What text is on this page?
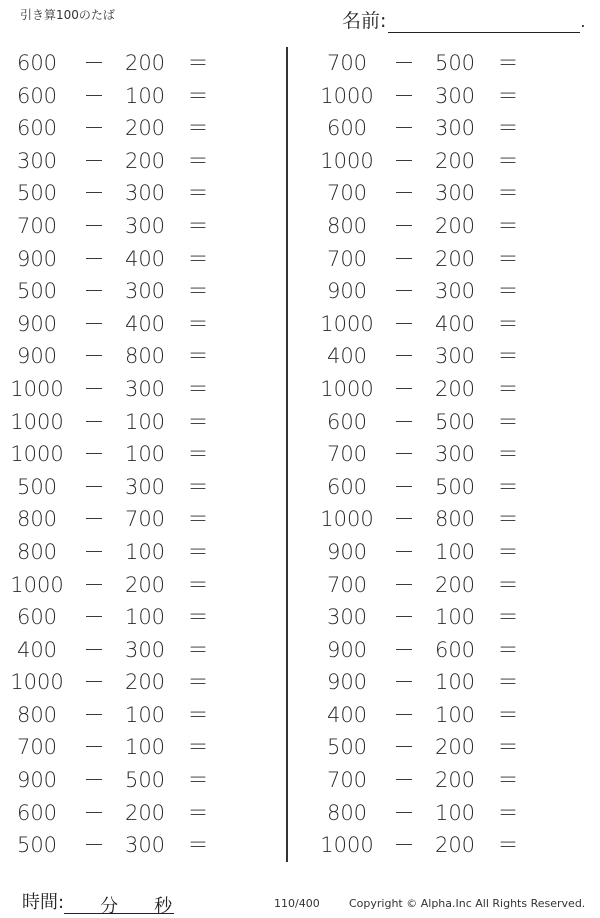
引き算100のたば	名前:	.
600	－ 200 ＝
600	－ 100 ＝
600	－ 200 ＝
300	－ 200 ＝
500	－ 300 ＝
700	－ 300 ＝
900	－ 400 ＝
500	－ 300 ＝
900	－ 400 ＝
900	－ 800 ＝
1000 － 300 ＝
1000 － 100 ＝
1000 － 100 ＝
500	－ 300 ＝
800	－ 700 ＝
800	－ 100 ＝
1000 － 200 ＝
600	－ 100 ＝
400	－ 300 ＝
1000 － 200 ＝
800	－ 100 ＝
700	－ 100 ＝
900	－ 500 ＝
600	－ 200 ＝
500	－ 300 ＝
700	－ 500 ＝
1000 － 300 ＝
600	－ 300 ＝
1000 － 200 ＝
700	－ 300 ＝
800	－ 200 ＝
700	－ 200 ＝
900	－ 300 ＝
1000 － 400 ＝
400	－ 300 ＝
1000 － 200 ＝
600	－ 500 ＝
700	－ 300 ＝
600	－ 500 ＝
1000 － 800 ＝
900	－ 100 ＝
700	－ 200 ＝
300	－ 100 ＝
900	－ 600 ＝
900	－ 100 ＝
400	－ 100 ＝
500	－ 200 ＝
700	－ 200 ＝
800	－ 100 ＝
1000 － 200 ＝
時間: 分 秒	110/400	Copyright © Alpha.Inc All Rights Reserved.
